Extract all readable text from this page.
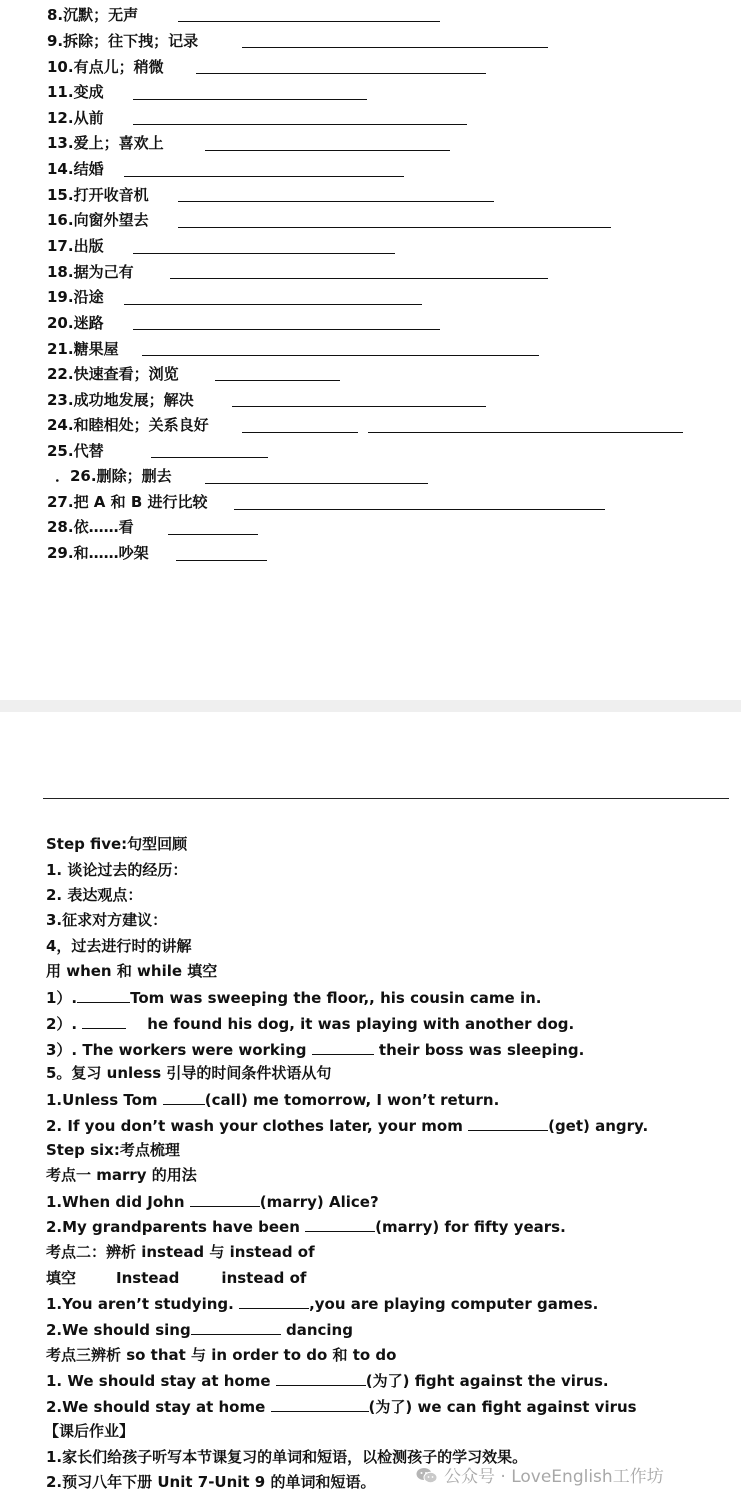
8.沉默；无声
9.拆除；往下拽；记录
10.有点儿；稍微
11.变成
12.从前
13.爱上；喜欢上
14.结婚
15.打开收音机
16.向窗外望去
17.出版
18.据为己有
19.沿途
20.迷路
21.糖果屋
22.快速查看；浏览
23.成功地发展；解决
24.和睦相处；关系良好
25.代替
．26.删除；删去
27.把 A 和 B 进行比较
28.依……看
29.和……吵架
Step five:句型回顾
1. 谈论过去的经历：
2. 表达观点：
3.征求对方建议：
4，过去进行时的讲解
用 when 和 while 填空
1）.	Tom was sweeping the floor,, his cousin came in.
2）.	he found his dog, it was playing with another dog.
3）. The workers were working	their boss was sleeping.
5。复习 unless 引导的时间条件状语从句
1.Unless Tom	(call) me tomorrow, I won’t return.
2. If you don’t wash your clothes later, your mom	(get) angry.
Step six:考点梳理
考点一 marry 的用法
1.When did John	(marry) Alice?
2.My grandparents have been	(marry) for fifty years.
考点二：辨析 instead 与 instead of
填空	Instead	instead of
1.You aren’t studying.	,you are playing computer games.
2.We should sing	dancing
考点三辨析 so that 与 in order to do 和 to do
1. We should stay at home	(为了) fight against the virus.
2.We should stay at home	(为了) we can fight against virus
【课后作业】
1.家长们给孩子听写本节课复习的单词和短语，以检测孩子的学习效果。
2.预习八年下册 Unit 7-Unit 9 的单词和短语。	公众号 · LoveEnglish工作坊
